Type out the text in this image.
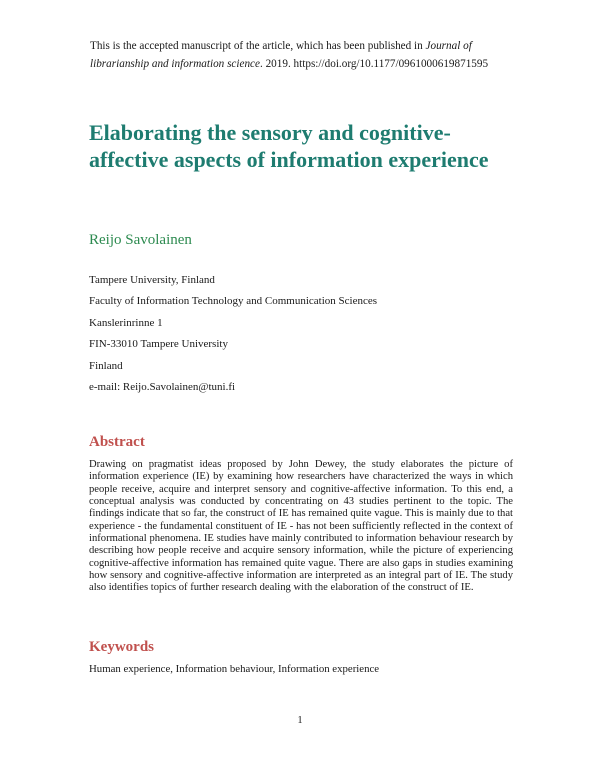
This is the accepted manuscript of the article, which has been published in Journal of librarianship and information science. 2019. https://doi.org/10.1177/0961000619871595
Elaborating the sensory and cognitive-affective aspects of information experience
Reijo Savolainen
Tampere University, Finland
Faculty of Information Technology and Communication Sciences
Kanslerinrinne 1
FIN-33010 Tampere University
Finland
e-mail: Reijo.Savolainen@tuni.fi
Abstract

Drawing on pragmatist ideas proposed by John Dewey, the study elaborates the picture of information experience (IE) by examining how researchers have characterized the ways in which people receive, acquire and interpret sensory and cognitive-affective information. To this end, a conceptual analysis was conducted by concentrating on 43 studies pertinent to the topic. The findings indicate that so far, the construct of IE has remained quite vague. This is mainly due to that experience - the fundamental constituent of IE - has not been sufficiently reflected in the context of informational phenomena. IE studies have mainly contributed to information behaviour research by describing how people receive and acquire sensory information, while the picture of experiencing cognitive-affective information has remained quite vague. There are also gaps in studies examining how sensory and cognitive-affective information are interpreted as an integral part of IE. The study also identifies topics of further research dealing with the elaboration of the construct of IE.

Keywords

Human experience, Information behaviour, Information experience

1
